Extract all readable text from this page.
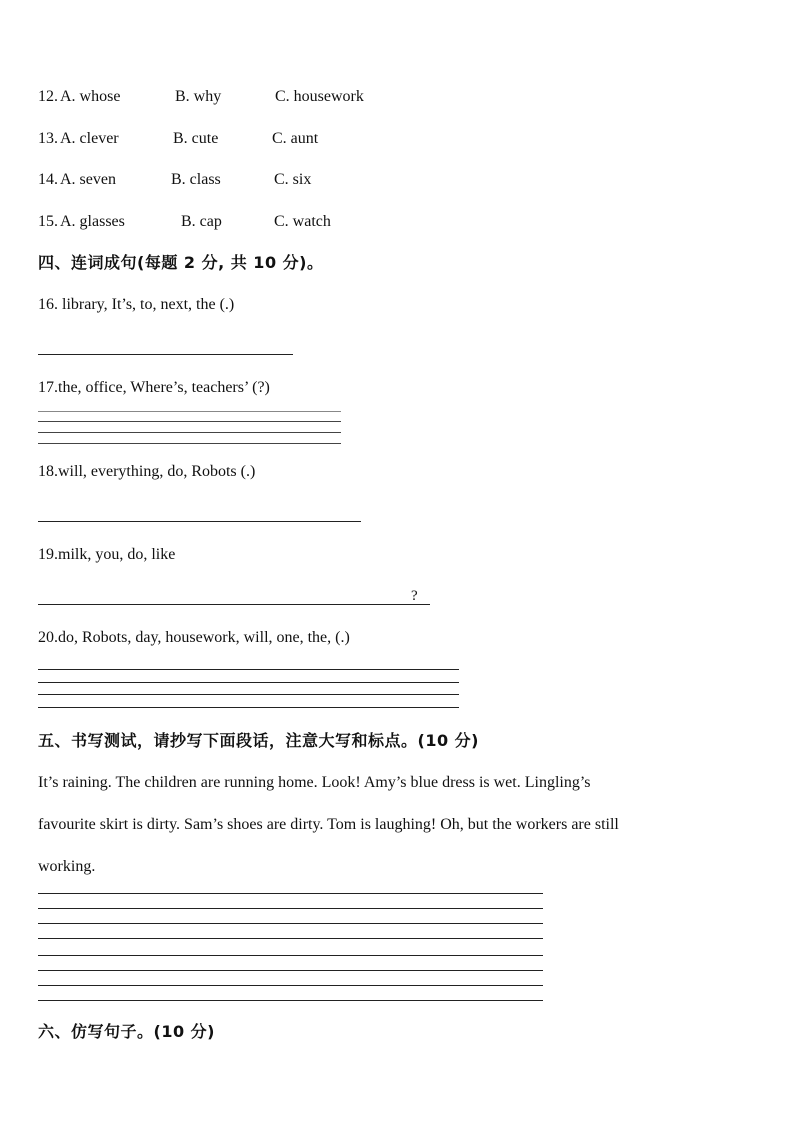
12. A. whose	B. why	C. housework
13. A. clever	B. cute	C. aunt
14. A. seven	B. class	C. six
15. A. glasses	B. cap	C. watch
四、连词成句(每题 2 分, 共 10 分)。
16. library, It’s, to, next, the (.)
17.the, office, Where’s, teachers’ (?)
18.will, everything, do, Robots (.)
19.milk, you, do, like
?
20.do, Robots, day, housework, will, one, the, (.)
五、书写测试，请抄写下面段话，注意大写和标点。(10 分)
It’s raining. The children are running home. Look! Amy’s blue dress is wet. Lingling’s
favourite skirt is dirty. Sam’s shoes are dirty. Tom is laughing! Oh, but the workers are still
working.
六、仿写句子。(10 分)
